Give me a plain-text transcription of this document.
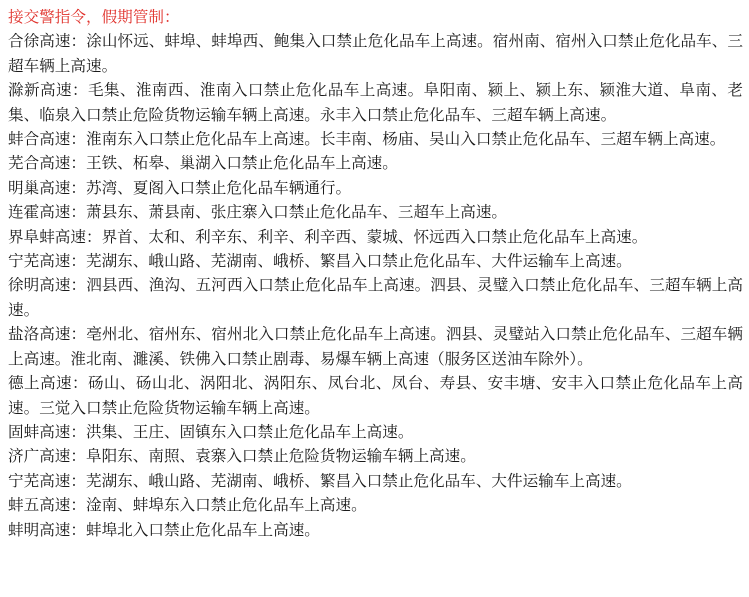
接交警指令，假期管制：
合徐高速：涂山怀远、蚌埠、蚌埠西、鲍集入口禁止危化品车上高速。宿州南、宿州入口禁止危化品车、三超车辆上高速。
滁新高速：毛集、淮南西、淮南入口禁止危化品车上高速。阜阳南、颍上、颍上东、颍淮大道、阜南、老集、临泉入口禁止危险货物运输车辆上高速。永丰入口禁止危化品车、三超车辆上高速。
蚌合高速：淮南东入口禁止危化品车上高速。长丰南、杨庙、吴山入口禁止危化品车、三超车辆上高速。
芜合高速：王铁、柘皋、巢湖入口禁止危化品车上高速。
明巢高速：苏湾、夏阁入口禁止危化品车辆通行。
连霍高速：萧县东、萧县南、张庄寨入口禁止危化品车、三超车上高速。
界阜蚌高速：界首、太和、利辛东、利辛、利辛西、蒙城、怀远西入口禁止危化品车上高速。
宁芜高速：芜湖东、峨山路、芜湖南、峨桥、繁昌入口禁止危化品车、大件运输车上高速。
徐明高速：泗县西、渔沟、五河西入口禁止危化品车上高速。泗县、灵璧入口禁止危化品车、三超车辆上高速。
盐洛高速：亳州北、宿州东、宿州北入口禁止危化品车上高速。泗县、灵璧站入口禁止危化品车、三超车辆上高速。淮北南、濉溪、铁佛入口禁止剧毒、易爆车辆上高速（服务区送油车除外）。
德上高速：砀山、砀山北、涡阳北、涡阳东、凤台北、凤台、寿县、安丰塘、安丰入口禁止危化品车上高速。三觉入口禁止危险货物运输车辆上高速。
固蚌高速：洪集、王庄、固镇东入口禁止危化品车上高速。
济广高速：阜阳东、南照、袁寨入口禁止危险货物运输车辆上高速。
宁芜高速：芜湖东、峨山路、芜湖南、峨桥、繁昌入口禁止危化品车、大件运输车上高速。
蚌五高速：淦南、蚌埠东入口禁止危化品车上高速。
蚌明高速：蚌埠北入口禁止危化品车上高速。
